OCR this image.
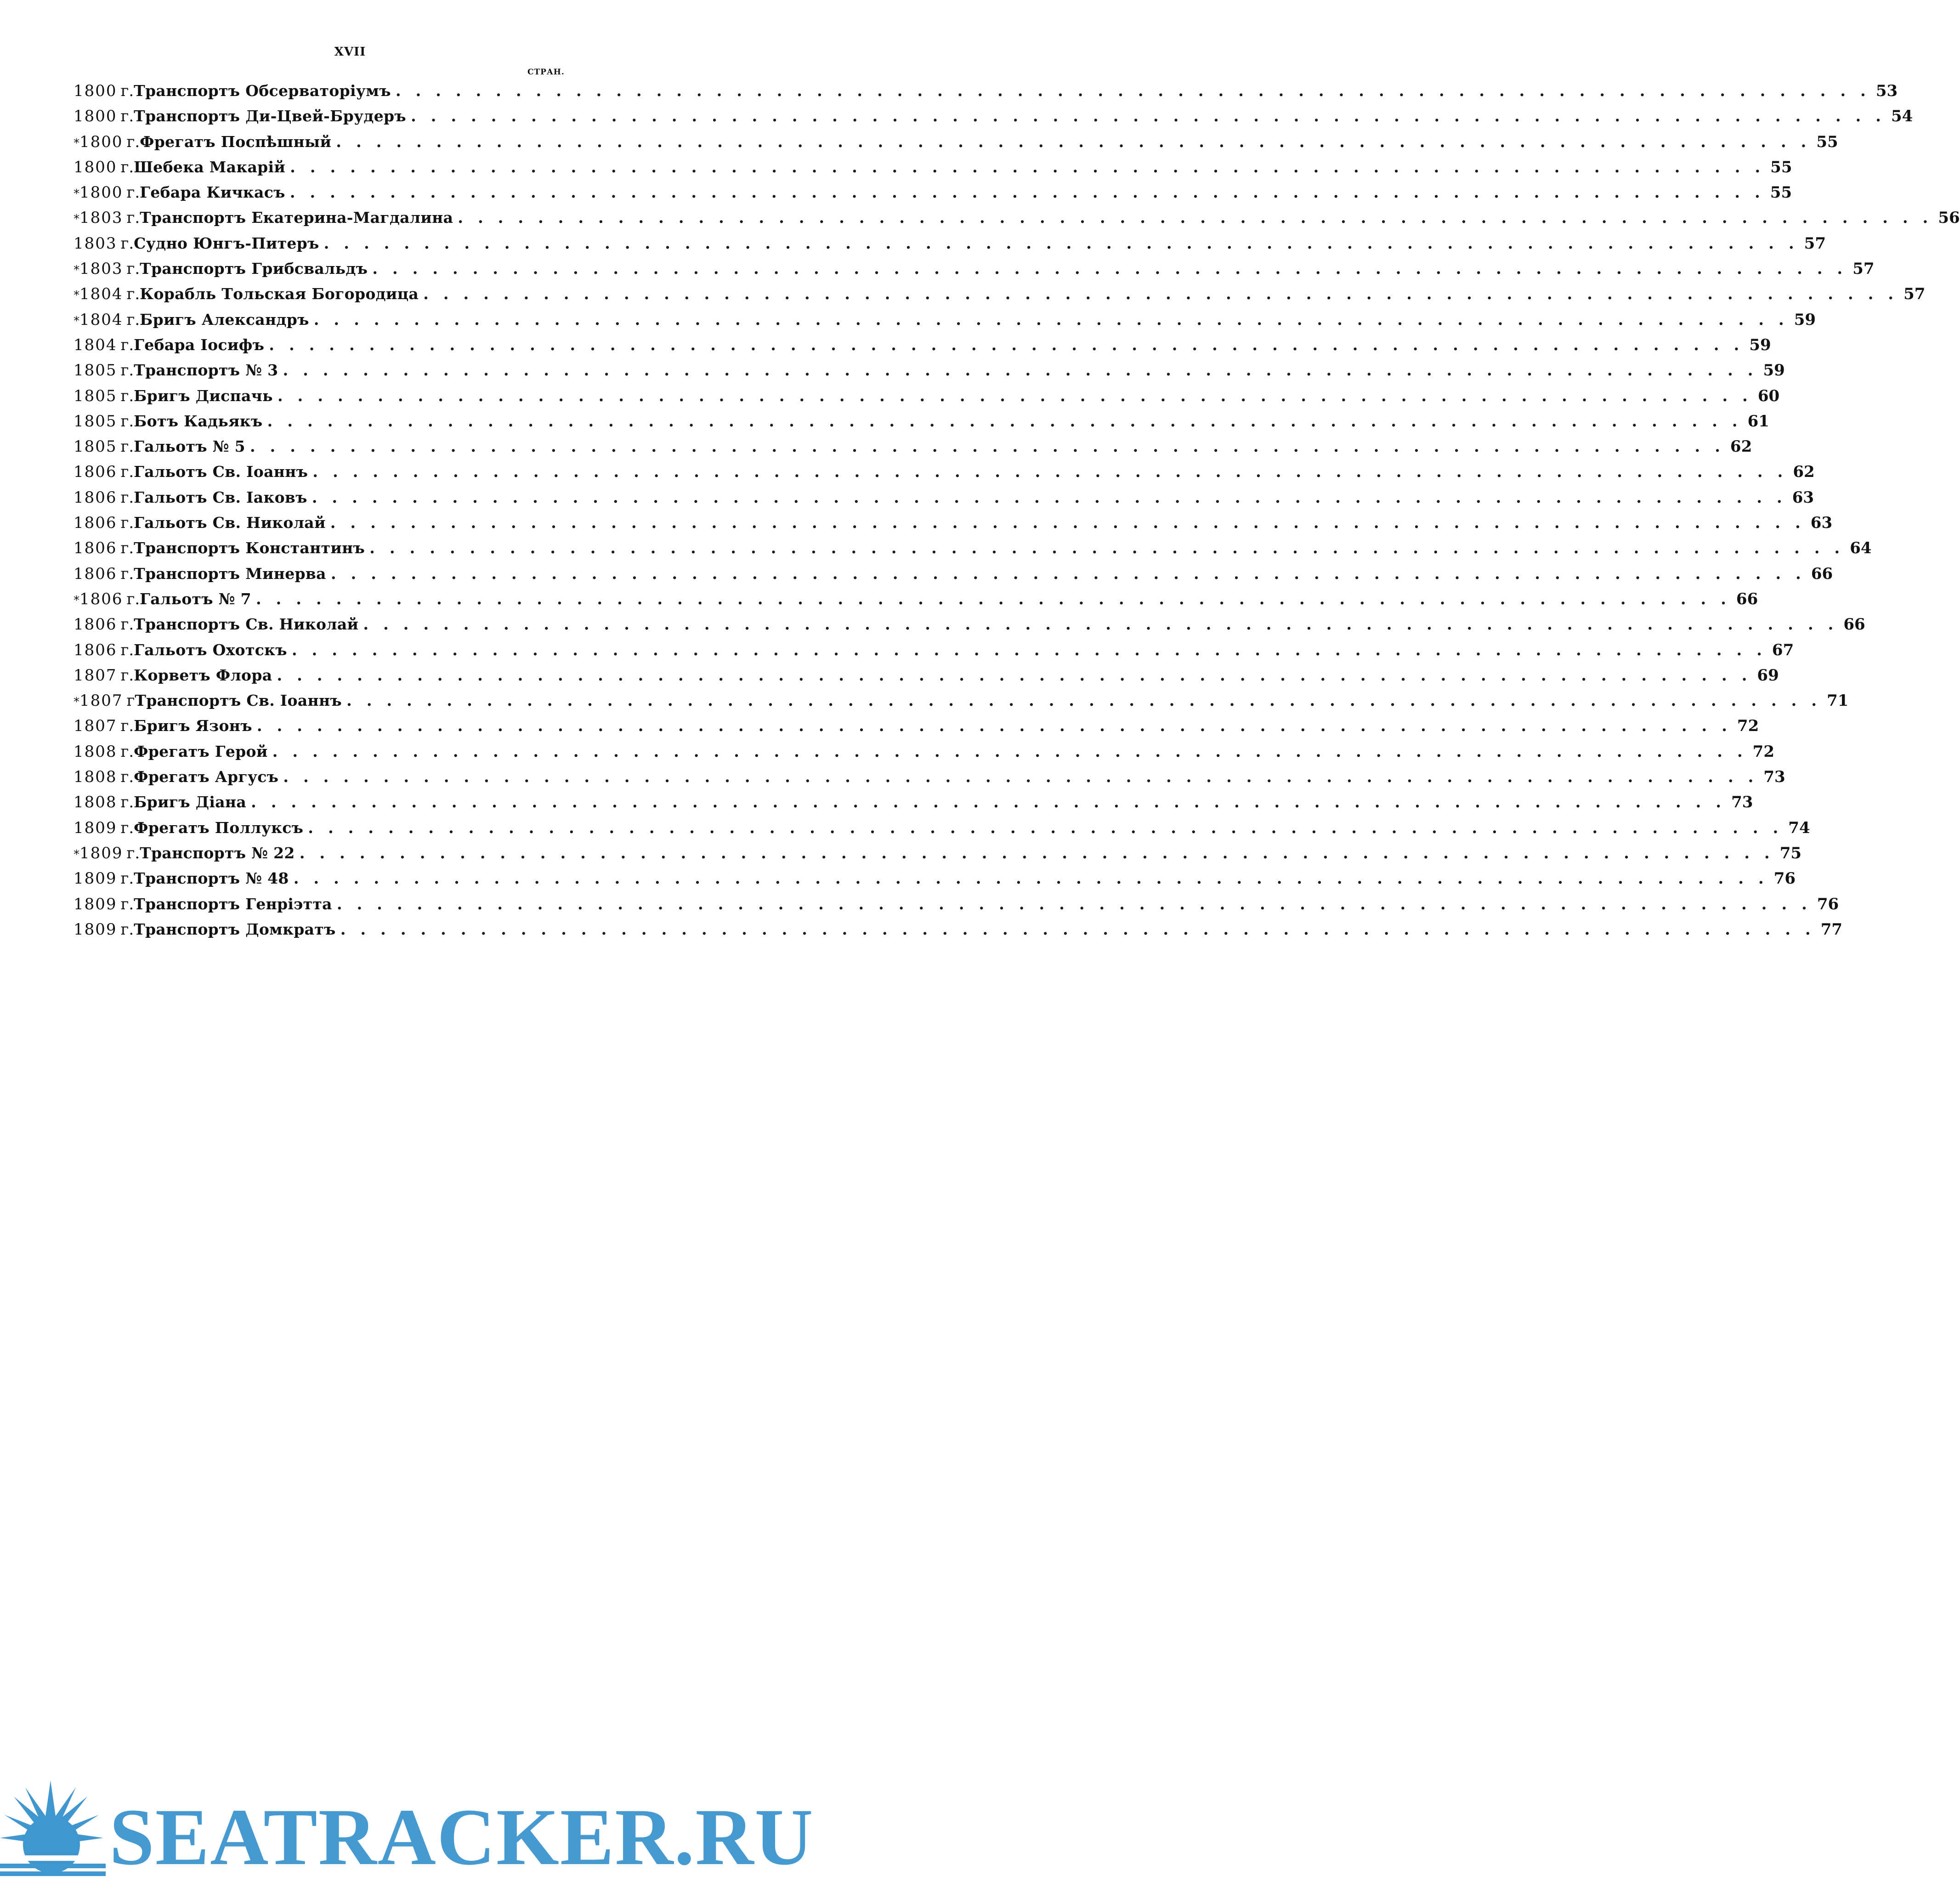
XVII
СТРАН.
1800 г. Транспортъ Обсерваторіумъ . . .	53
1800 г. Транспортъ Ди-Цвей-Брудеръ . . .	54
* 1800 г. Фрегатъ Поспѣшный . . .	55
1800 г. Шебека Макарій . . .	55
* 1800 г. Гебара Кичкасъ . . .	55
* 1803 г. Транспортъ Екатерина-Магдалина . . .	56
1803 г. Судно Юнгъ-Питеръ . . .	57
* 1803 г. Транспортъ Грибсвальдъ . . .	57
* 1804 г. Корабль Тольская Богородица . . .	57
* 1804 г. Бригъ Александръ . . .	59
1804 г. Гебара Іосифъ . . .	59
1805 г. Транспортъ № 3 . . .	59
1805 г. Бригъ Диспачь . . .	60
1805 г. Ботъ Кадьякъ . . .	61
1805 г. Гальотъ № 5 . . .	62
1806 г. Гальотъ Св. Іоаннъ . . .	62
1806 г. Гальотъ Св. Іаковъ . . .	63
1806 г. Гальотъ Св. Николай . . .	63
1806 г. Транспортъ Константинъ . . .	64
1806 г. Транспортъ Минерва . . .	66
* 1806 г. Гальотъ № 7 . . .	66
1806 г. Транспортъ Св. Николай . . .	66
1806 г. Гальотъ Охотскъ . . .	67
1807 г. Корветъ Флора . . .	69
* 1807 г Транспортъ Св. Іоаннъ . . .	71
1807 г. Бригъ Язонъ . . .	72
1808 г. Фрегатъ Герой . . .	72
1808 г. Фрегатъ Аргусъ . . .	73
1808 г. Бригъ Діана . . .	73
1809 г. Фрегатъ Поллуксъ . . .	74
* 1809 г. Транспортъ № 22 . . .	75
1809 г. Транспортъ № 48 . . .	76
1809 г. Транспортъ Генріэтта . . .	76
1809 г. Транспортъ Домкратъ . . .	77
SEATRACKER.RU
